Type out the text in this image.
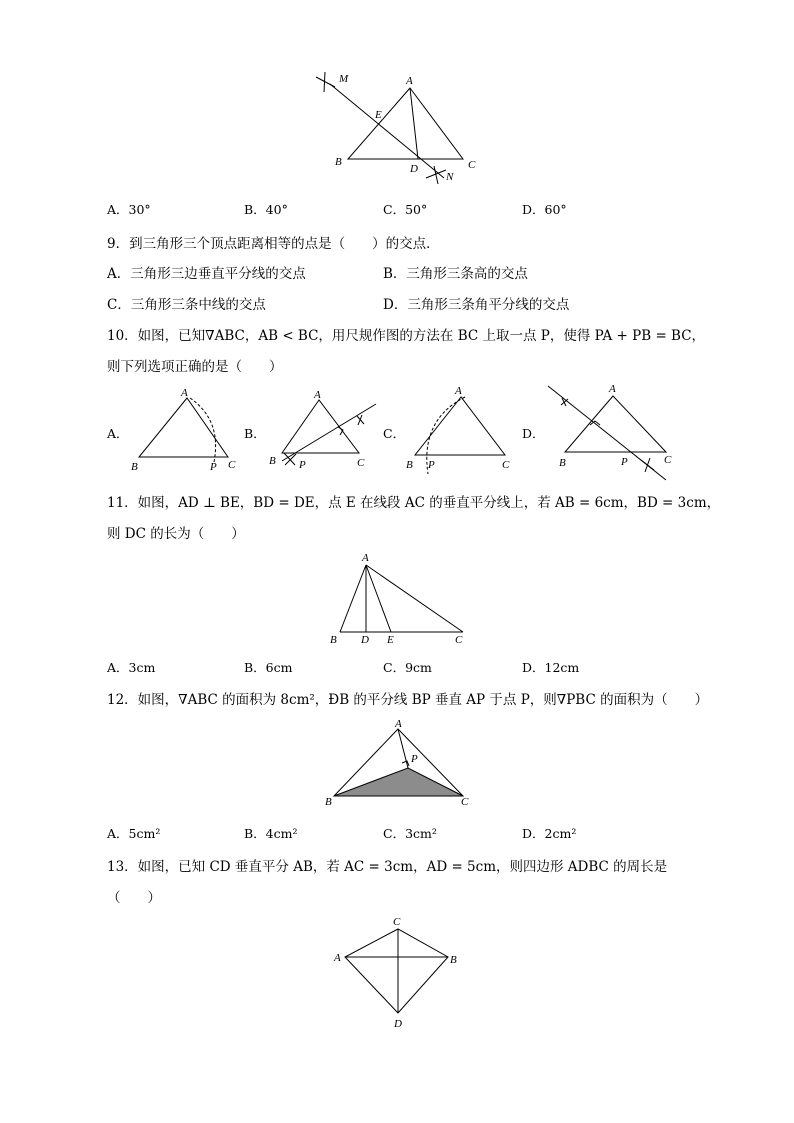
M	A
E
B
D	C
N
A．30°	B．40°	C．50°	D．60°
9．到三角形三个顶点距离相等的点是（　　）的交点．
A．三角形三边垂直平分线的交点	B．三角形三条高的交点
C．三角形三条中线的交点	D．三角形三条角平分线的交点
10．如图，已知∇ABC，AB < BC，用尺规作图的方法在 BC 上取一点 P，使得 PA + PB = BC，
则下列选项正确的是（　　）
A．	B．	C．	D．
A
B	P C
A
B P	C
A
B P	C
A
B	P	C
11．如图，AD ⊥ BE，BD = DE，点 E 在线段 AC 的垂直平分线上，若 AB = 6cm，BD = 3cm，
则 DC 的长为（　　）
A
B D E	C
A．3cm	B．6cm	C．9cm	D．12cm
12．如图，∇ABC 的面积为 8cm²，ÐB 的平分线 BP 垂直 AP 于点 P，则∇PBC 的面积为（　　）
A
P
B	C
A．5cm²	B．4cm²	C．3cm²	D．2cm²
13．如图，已知 CD 垂直平分 AB，若 AC = 3cm，AD = 5cm，则四边形 ADBC 的周长是
（　　）
C
A	B
D
